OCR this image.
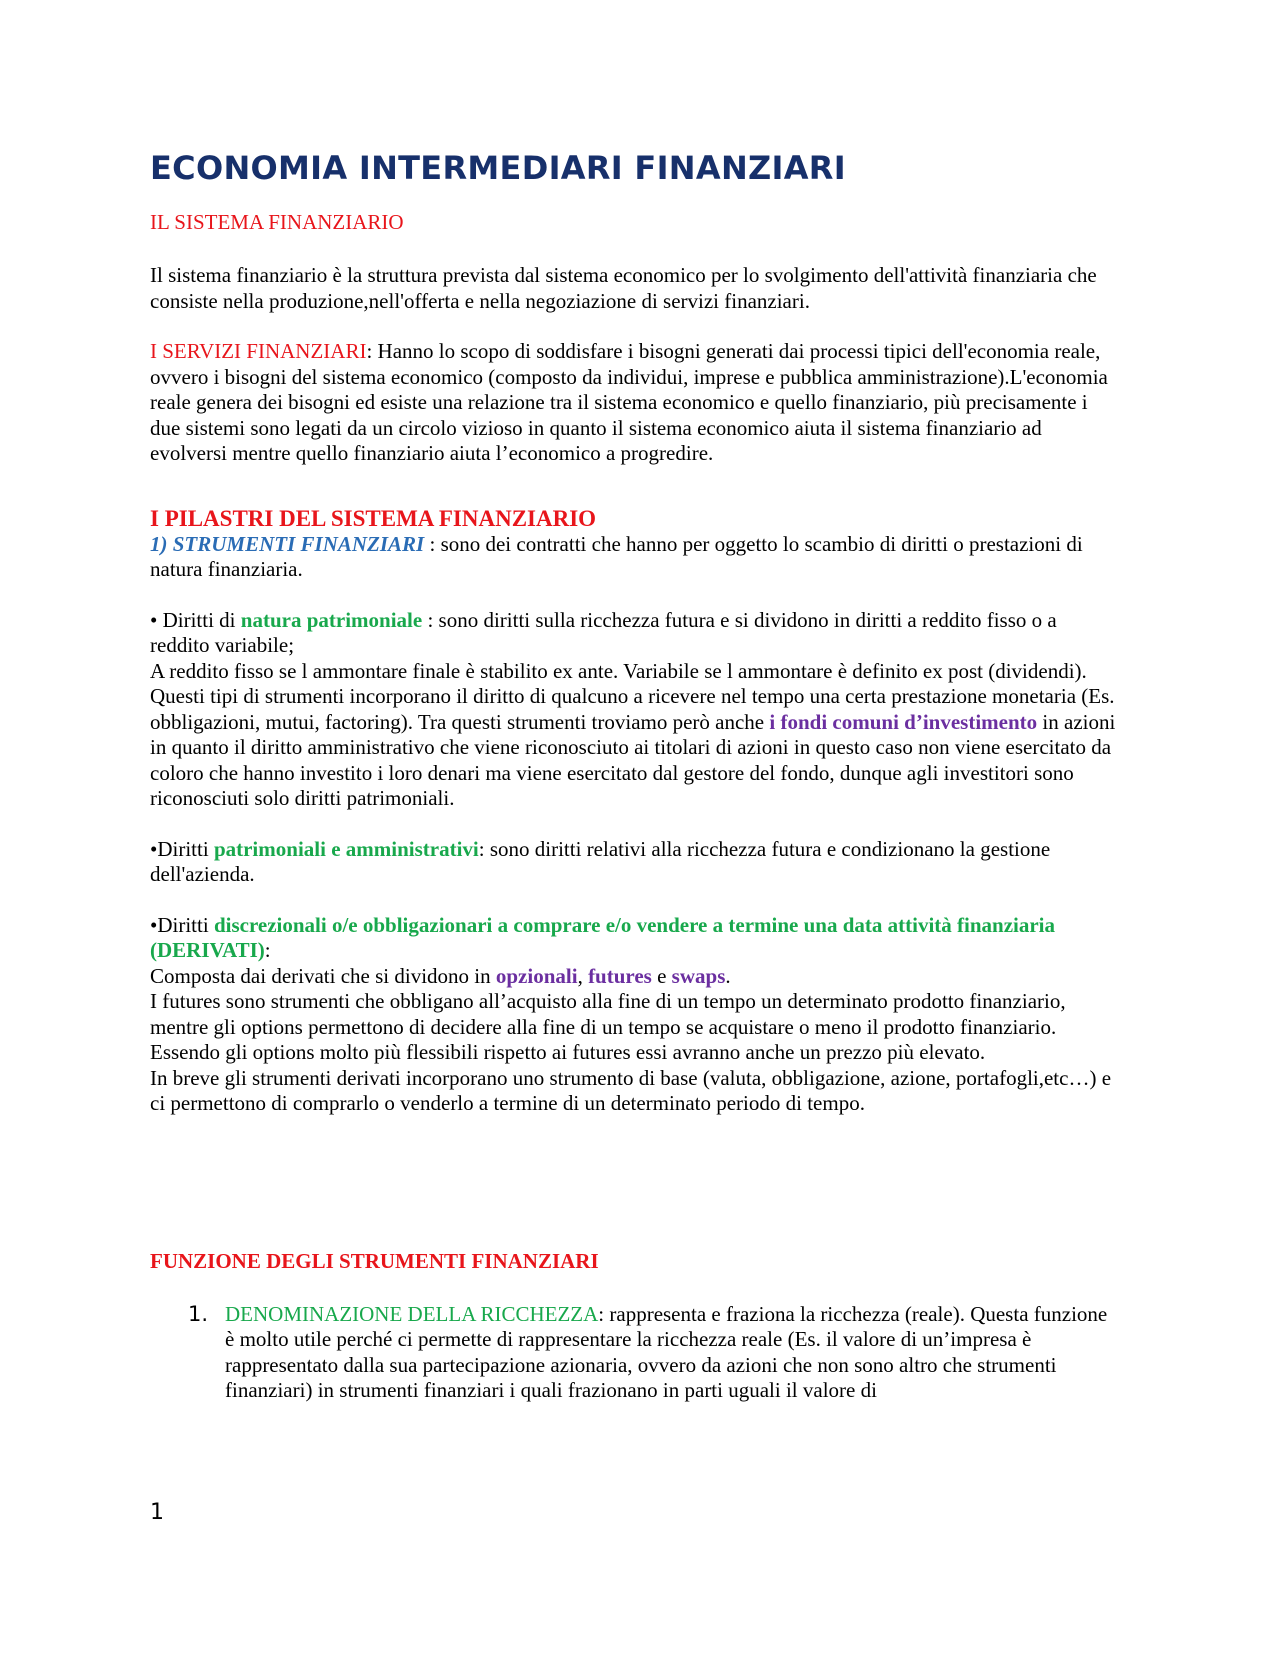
ECONOMIA INTERMEDIARI FINANZIARI

IL SISTEMA FINANZIARIO

Il sistema finanziario è la struttura prevista dal sistema economico per lo svolgimento dell'attività finanziaria che consiste nella produzione,nell'offerta e nella negoziazione di servizi finanziari.

I SERVIZI FINANZIARI: Hanno lo scopo di soddisfare i bisogni generati dai processi tipici dell'economia reale, ovvero i bisogni del sistema economico (composto da individui, imprese e pubblica amministrazione).L'economia reale genera dei bisogni ed esiste una relazione tra il sistema economico e quello finanziario, più precisamente i due sistemi sono legati da un circolo vizioso in quanto il sistema economico aiuta il sistema finanziario ad evolversi mentre quello finanziario aiuta l’economico a progredire.

I PILASTRI DEL SISTEMA FINANZIARIO

1) STRUMENTI FINANZIARI : sono dei contratti che hanno per oggetto lo scambio di diritti o prestazioni di natura finanziaria.

• Diritti di natura patrimoniale : sono diritti sulla ricchezza futura e si dividono in diritti a reddito fisso o a reddito variabile;

A reddito fisso se l ammontare finale è stabilito ex ante. Variabile se l ammontare è definito ex post (dividendi).

Questi tipi di strumenti incorporano il diritto di qualcuno a ricevere nel tempo una certa prestazione monetaria (Es. obbligazioni, mutui, factoring). Tra questi strumenti troviamo però anche i fondi comuni d’investimento in azioni in quanto il diritto amministrativo che viene riconosciuto ai titolari di azioni in questo caso non viene esercitato da coloro che hanno investito i loro denari ma viene esercitato dal gestore del fondo, dunque agli investitori sono riconosciuti solo diritti patrimoniali.

•Diritti patrimoniali e amministrativi: sono diritti relativi alla ricchezza futura e condizionano la gestione dell'azienda.

•Diritti discrezionali o/e obbligazionari a comprare e/o vendere a termine una data attività finanziaria (DERIVATI):

Composta dai derivati che si dividono in opzionali, futures e swaps.

I futures sono strumenti che obbligano all’acquisto alla fine di un tempo un determinato prodotto finanziario, mentre gli options permettono di decidere alla fine di un tempo se acquistare o meno il prodotto finanziario. Essendo gli options molto più flessibili rispetto ai futures essi avranno anche un prezzo più elevato.

In breve gli strumenti derivati incorporano uno strumento di base (valuta, obbligazione, azione, portafogli,etc…) e ci permettono di comprarlo o venderlo a termine di un determinato periodo di tempo.

FUNZIONE DEGLI STRUMENTI FINANZIARI

1. DENOMINAZIONE DELLA RICCHEZZA: rappresenta e fraziona la ricchezza (reale). Questa funzione è molto utile perché ci permette di rappresentare la ricchezza reale (Es. il valore di un’impresa è rappresentato dalla sua partecipazione azionaria, ovvero da azioni che non sono altro che strumenti finanziari) in strumenti finanziari i quali frazionano in parti uguali il valore di

1
